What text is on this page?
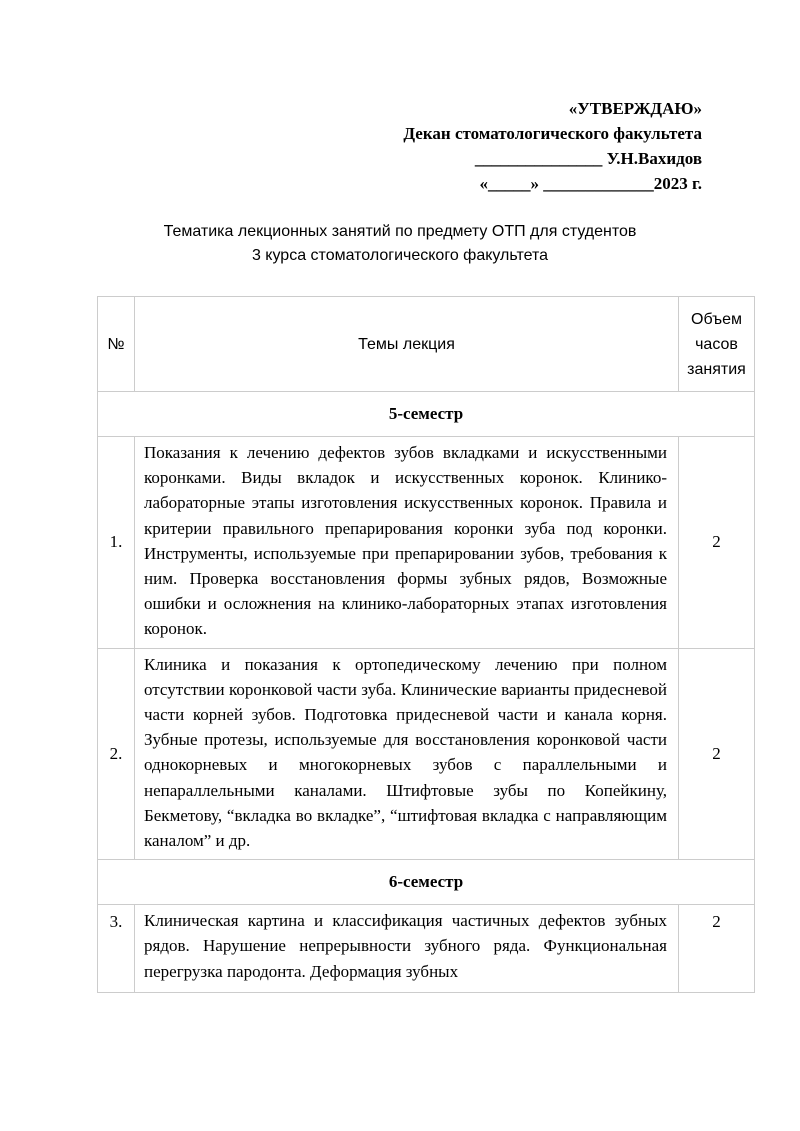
«УТВЕРЖДАЮ»
Декан стоматологического факультета
_______________ У.Н.Вахидов
«_____» _____________2023 г.
Тематика лекционных занятий по предмету ОТП для студентов
3 курса стоматологического факультета
№	Темы лекция	Объем часов занятия
5-семестр		
1.	Показания к лечению дефектов зубов вкладками и искусственными коронками. Виды вкладок и искусственных коронок. Клинико-лабораторные этапы изготовления искусственных коронок. Правила и критерии правильного препарирования коронки зуба под коронки. Инструменты, используемые при препарировании зубов, требования к ним. Проверка восстановления формы зубных рядов, Возможные ошибки и осложнения на клинико-лабораторных этапах изготовления коронок.	2
2.	Клиника и показания к ортопедическому лечению при полном отсутствии коронковой части зуба. Клинические варианты придесневой части корней зубов. Подготовка придесневой части и канала корня. Зубные протезы, используемые для восстановления коронковой части однокорневых и многокорневых зубов с параллельными и непараллельными каналами. Штифтовые зубы по Копейкину, Бекметову, “вкладка во вкладке”, “штифтовая вкладка с направляющим каналом” и др.	2
6-семестр		
3.	Клиническая картина и классификация частичных дефектов зубных рядов. Нарушение непрерывности зубного ряда. Функциональная перегрузка пародонта. Деформация зубных	2
